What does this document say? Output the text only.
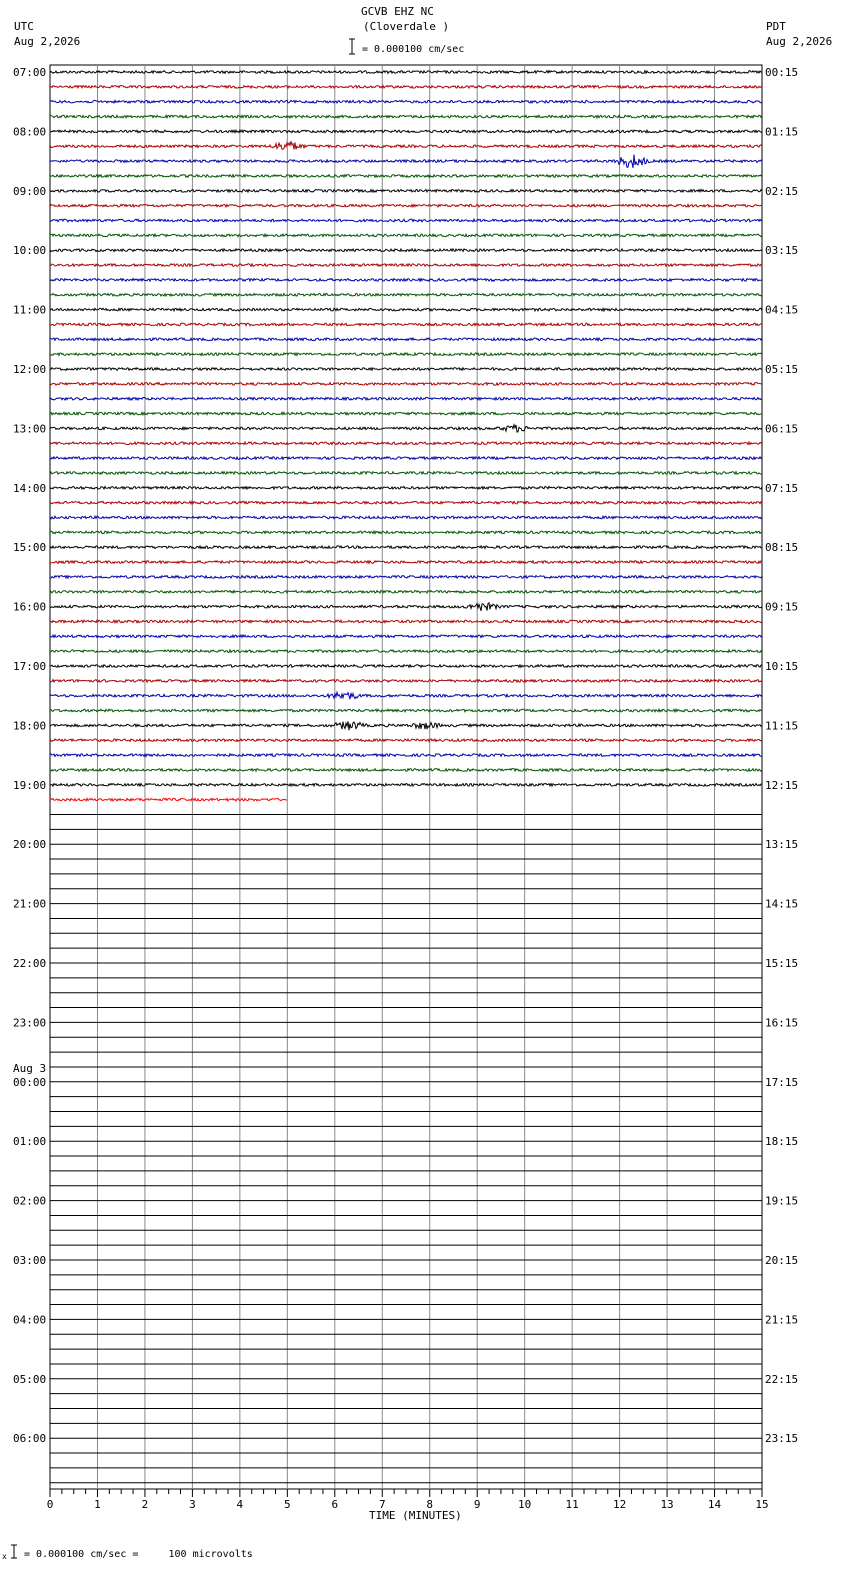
07:00
08:00
09:00
10:00
11:00
12:00
13:00
14:00
15:00
16:00
17:00
18:00
19:00
20:00
21:00
22:00
23:00
00:00
01:00
02:00
03:00
04:00
05:00
06:00
00:15
01:15
02:15
03:15
04:15
05:15
06:15
07:15
08:15
09:15
10:15
11:15
12:15
13:15
14:15
15:15
16:15
17:15
18:15
19:15
20:15
21:15
22:15
23:15
Aug 3
0	1	2	3	4	5	6	7	8	9	10	11	12	13	14	15
GCVB EHZ NC
(Cloverdale )
UTC
Aug 2,2026
PDT
Aug 2,2026
= 0.000100 cm/sec
TIME (MINUTES)
x = 0.000100 cm/sec =     100 microvolts
